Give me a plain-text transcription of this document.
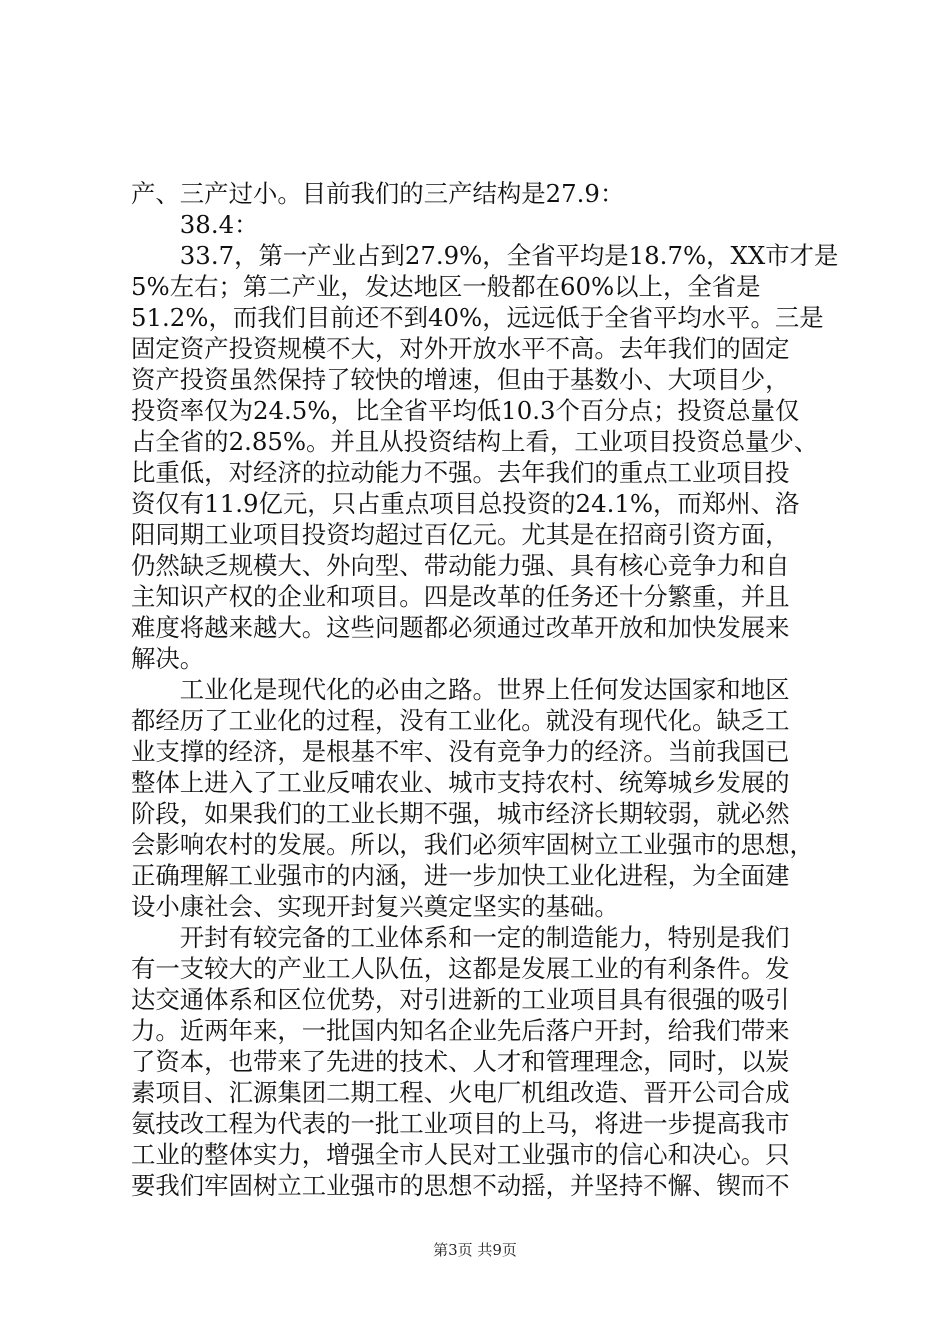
产、三产过小。目前我们的三产结构是27.9：
　　38.4：
　　33.7，第一产业占到27.9%，全省平均是18.7%，XX市才是
5%左右；第二产业，发达地区一般都在60%以上，全省是
51.2%，而我们目前还不到40%，远远低于全省平均水平。三是
固定资产投资规模不大，对外开放水平不高。去年我们的固定
资产投资虽然保持了较快的增速，但由于基数小、大项目少，
投资率仅为24.5%，比全省平均低10.3个百分点；投资总量仅
占全省的2.85%。并且从投资结构上看，工业项目投资总量少、
比重低，对经济的拉动能力不强。去年我们的重点工业项目投
资仅有11.9亿元，只占重点项目总投资的24.1%，而郑州、洛
阳同期工业项目投资均超过百亿元。尤其是在招商引资方面，
仍然缺乏规模大、外向型、带动能力强、具有核心竞争力和自
主知识产权的企业和项目。四是改革的任务还十分繁重，并且
难度将越来越大。这些问题都必须通过改革开放和加快发展来
解决。
　　工业化是现代化的必由之路。世界上任何发达国家和地区
都经历了工业化的过程，没有工业化。就没有现代化。缺乏工
业支撑的经济，是根基不牢、没有竞争力的经济。当前我国已
整体上进入了工业反哺农业、城市支持农村、统筹城乡发展的
阶段，如果我们的工业长期不强，城市经济长期较弱，就必然
会影响农村的发展。所以，我们必须牢固树立工业强市的思想，
正确理解工业强市的内涵，进一步加快工业化进程，为全面建
设小康社会、实现开封复兴奠定坚实的基础。
　　开封有较完备的工业体系和一定的制造能力，特别是我们
有一支较大的产业工人队伍，这都是发展工业的有利条件。发
达交通体系和区位优势，对引进新的工业项目具有很强的吸引
力。近两年来，一批国内知名企业先后落户开封，给我们带来
了资本，也带来了先进的技术、人才和管理理念，同时，以炭
素项目、汇源集团二期工程、火电厂机组改造、晋开公司合成
氨技改工程为代表的一批工业项目的上马，将进一步提高我市
工业的整体实力，增强全市人民对工业强市的信心和决心。只
要我们牢固树立工业强市的思想不动摇，并坚持不懈、锲而不
第3页 共9页
